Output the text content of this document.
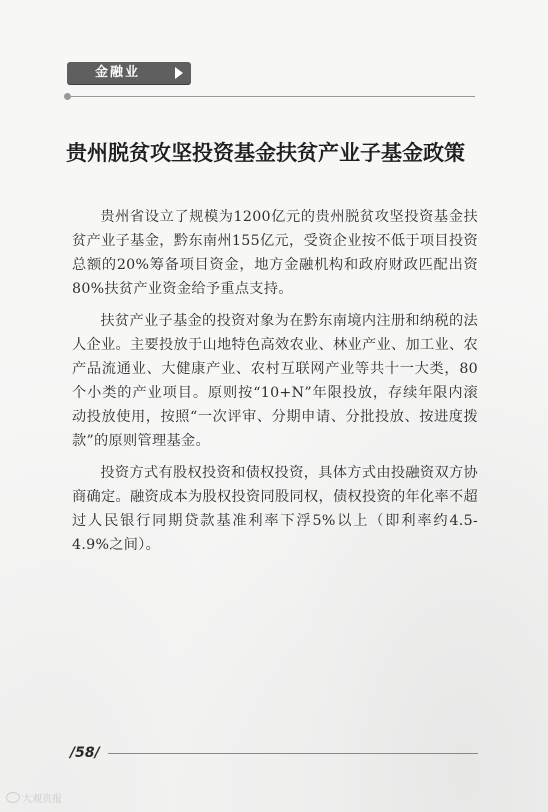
金融业
贵州脱贫攻坚投资基金扶贫产业子基金政策

贵州省设立了规模为1200亿元的贵州脱贫攻坚投资基金扶贫产业子基金，黔东南州155亿元，受资企业按不低于项目投资总额的20%筹备项目资金，地方金融机构和政府财政匹配出资80%扶贫产业资金给予重点支持。

扶贫产业子基金的投资对象为在黔东南境内注册和纳税的法人企业。主要投放于山地特色高效农业、林业产业、加工业、农产品流通业、大健康产业、农村互联网产业等共十一大类，80个小类的产业项目。原则按“10+N”年限投放，存续年限内滚动投放使用，按照“一次评审、分期申请、分批投放、按进度拨款”的原则管理基金。

投资方式有股权投资和债权投资，具体方式由投融资双方协商确定。融资成本为股权投资同股同权，债权投资的年化率不超过人民银行同期贷款基准利率下浮5%以上（即利率约4.5-4.9%之间）。

/58/
大观贵报
